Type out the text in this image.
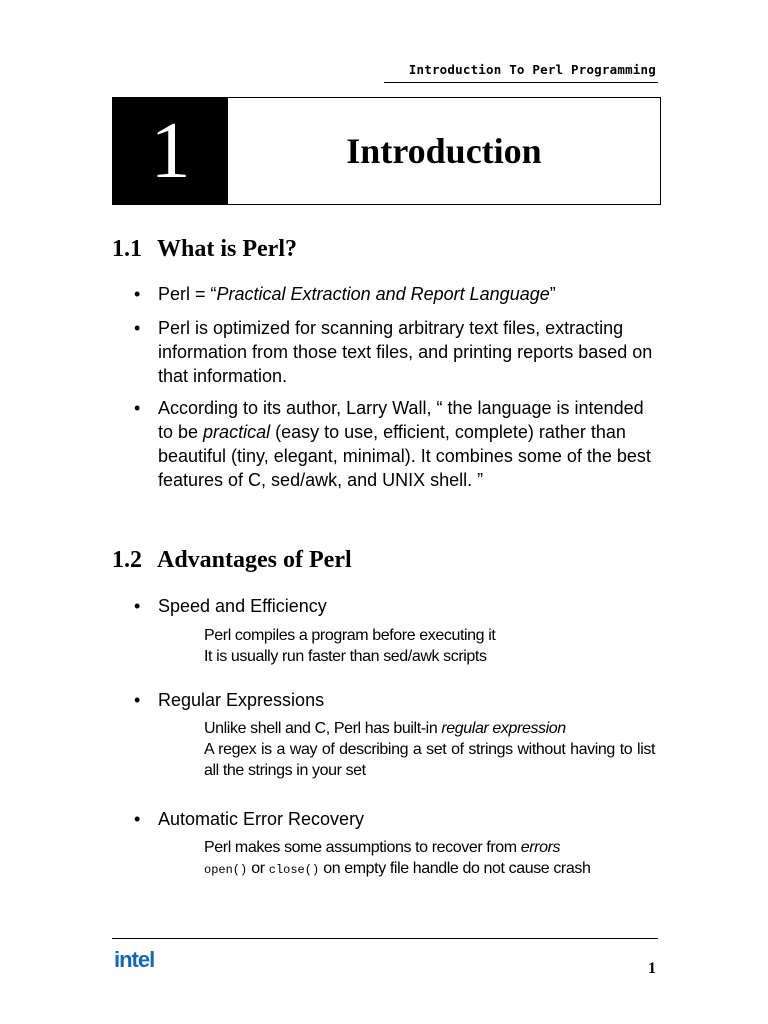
Introduction To Perl Programming
1	Introduction
1.1 What is Perl?
• Perl = “Practical Extraction and Report Language”
• Perl is optimized for scanning arbitrary text files, extracting information from those text files, and printing reports based on that information.
• According to its author, Larry Wall, “ the language is intended to be practical (easy to use, efficient, complete) rather than beautiful (tiny, elegant, minimal). It combines some of the best features of C, sed/awk, and UNIX shell. ”
1.2 Advantages of Perl
• Speed and Efficiency
Perl compiles a program before executing it
It is usually run faster than sed/awk scripts
• Regular Expressions
Unlike shell and C, Perl has built-in regular expression
A regex is a way of describing a set of strings without having to list all the strings in your set
• Automatic Error Recovery
Perl makes some assumptions to recover from errors
open() or close() on empty file handle do not cause crash
intel	1
